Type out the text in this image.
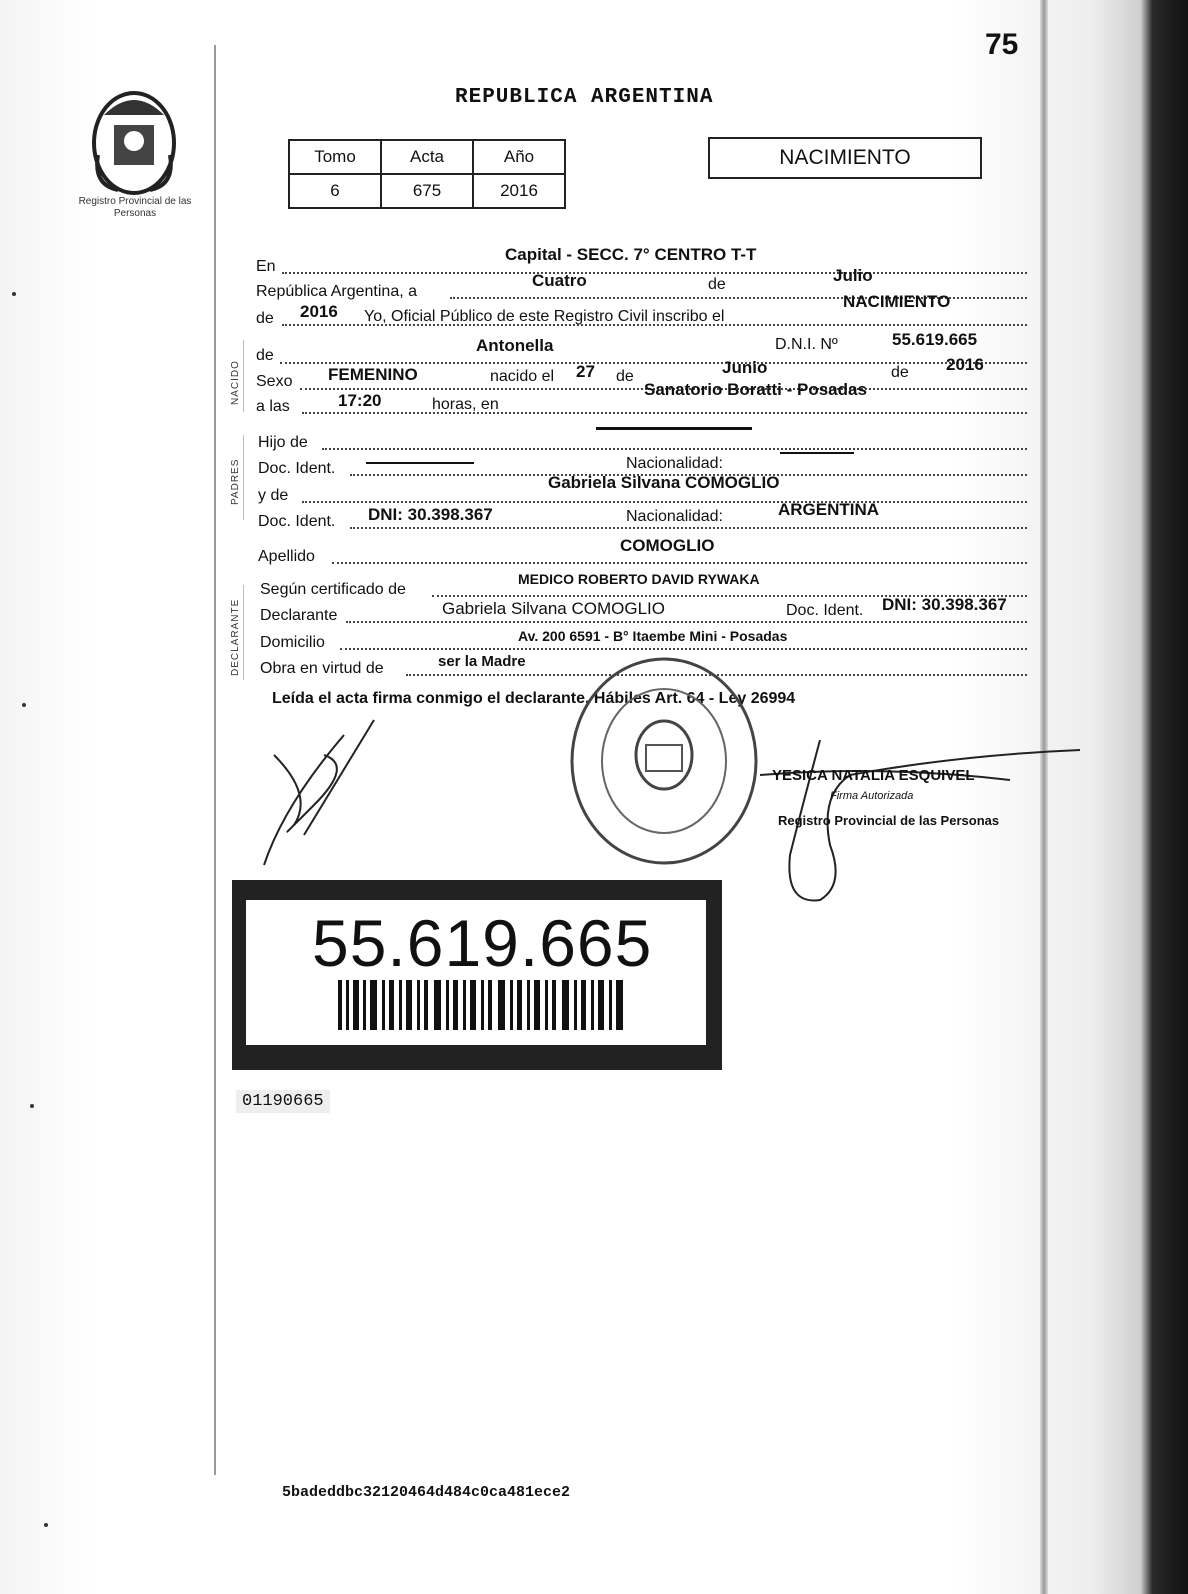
75
Registro Provincial de las Personas
REPUBLICA ARGENTINA
Tomo	Acta	Año
6	675	2016
NACIMIENTO
En
Capital - SECC. 7° CENTRO T-T
República Argentina, a
Cuatro	de	Julio
de 2016 Yo, Oficial Público de este Registro Civil inscribo el
NACIMIENTO
NACIDO
de
Antonella	D.N.I. Nº	55.619.665
Sexo FEMENINO	nacido el 27 de	Junio	de 2016
a las	17:20	horas, en
Sanatorio Boratti - Posadas
PADRES
Hijo de
Doc. Ident.	Nacionalidad:
y de
Gabriela Silvana COMOGLIO
Doc. Ident. DNI: 30.398.367	Nacionalidad:	ARGENTINA
Apellido
COMOGLIO
DECLARANTE
Según certificado de
MEDICO ROBERTO DAVID RYWAKA
Declarante	Gabriela Silvana COMOGLIO	Doc. Ident. DNI: 30.398.367
Domicilio	Av. 200 6591 - B° Itaembe Mini - Posadas
Obra en virtud de	ser la Madre
Leída el acta firma conmigo el declarante. Hábiles Art. 64 - Ley 26994
YESICA NATALIA ESQUIVEL
Firma Autorizada
Registro Provincial de las Personas
55.619.665
01190665
5badeddbc32120464d484c0ca481ece2
